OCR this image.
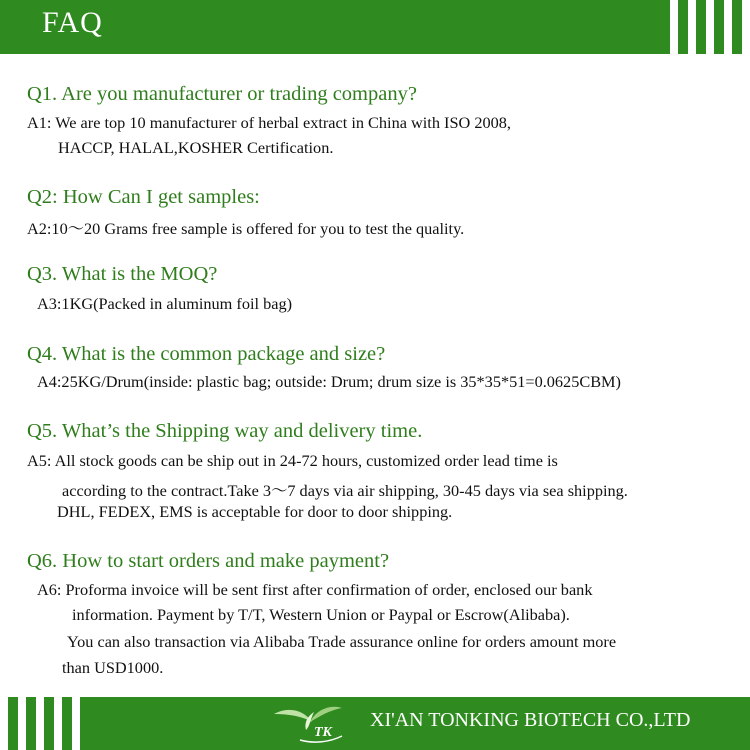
FAQ
Q1. Are you manufacturer or trading company?
A1: We are top 10 manufacturer of herbal extract in China with ISO 2008,
HACCP, HALAL,KOSHER Certification.
Q2: How Can I get samples:
A2:10～20 Grams free sample is offered for you to test the quality.
Q3. What is the MOQ?
A3:1KG(Packed in aluminum foil bag)
Q4. What is the common package and size?
A4:25KG/Drum(inside: plastic bag; outside: Drum; drum size is 35*35*51=0.0625CBM)
Q5. What’s the Shipping way and delivery time.
A5: All stock goods can be ship out in 24-72 hours, customized order lead time is
according to the contract.Take 3～7 days via air shipping, 30-45 days via sea shipping.
DHL, FEDEX, EMS is acceptable for door to door shipping.
Q6. How to start orders and make payment?
A6: Proforma invoice will be sent first after confirmation of order, enclosed our bank
information. Payment by T/T, Western Union or Paypal or Escrow(Alibaba).
You can also transaction via Alibaba Trade assurance online for orders amount more
than USD1000.
TK
XI'AN TONKING BIOTECH CO.,LTD
